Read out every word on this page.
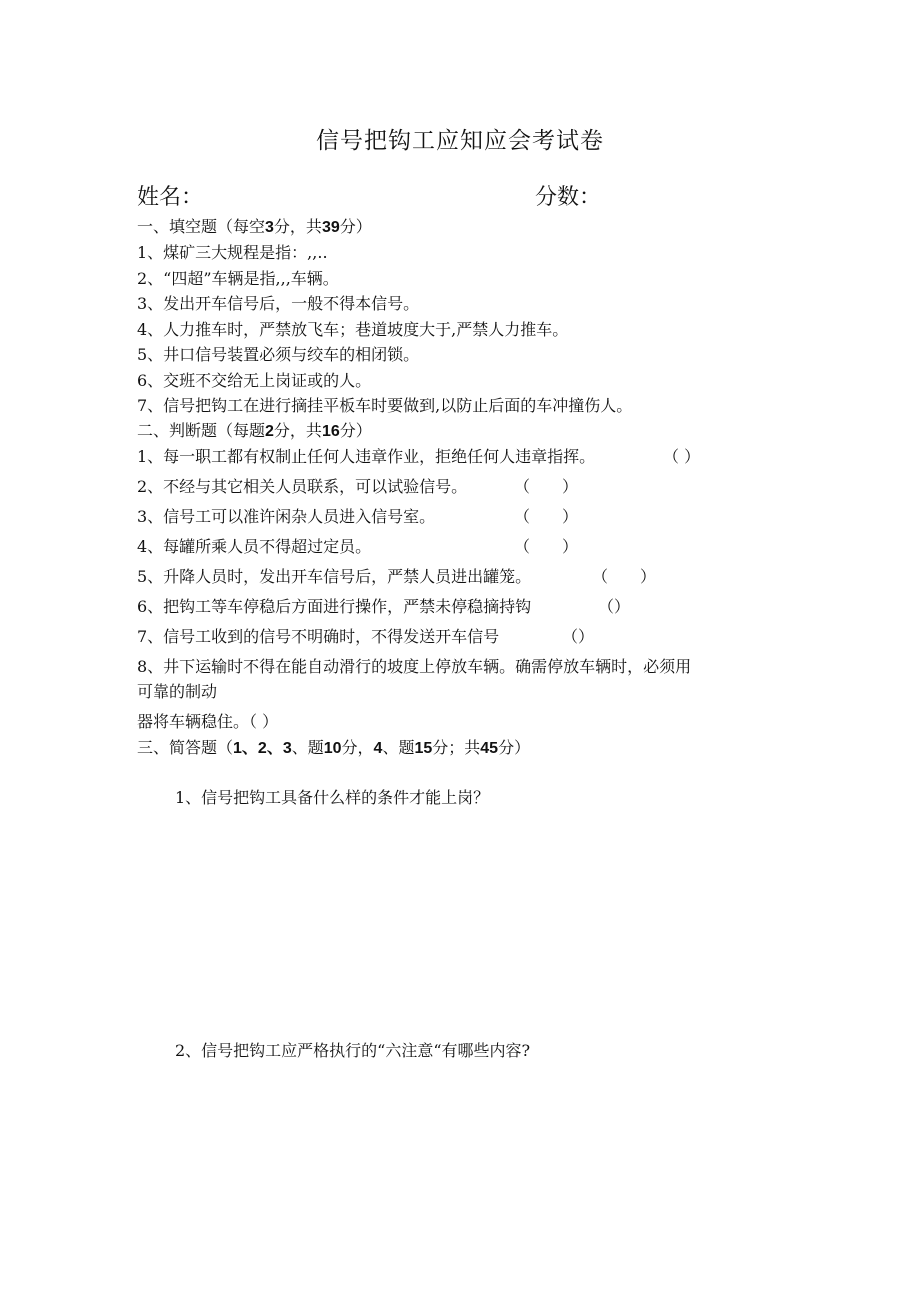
信号把钩工应知应会考试卷
姓名：	分数：
一、填空题（每空3分，共39分）
1、煤矿三大规程是指：,,..
2、“四超”车辆是指,,,车辆。
3、发出开车信号后，一般不得本信号。
4、人力推车时，严禁放飞车；巷道坡度大于,严禁人力推车。
5、井口信号装置必须与绞车的相闭锁。
6、交班不交给无上岗证或的人。
7、信号把钩工在进行摘挂平板车时要做到,以防止后面的车冲撞伤人。
二、判断题（每题2分，共16分）
1、每一职工都有权制止任何人违章作业，拒绝任何人违章指挥。	（ ）
2、不经与其它相关人员联系，可以试验信号。	（　　）
3、信号工可以准许闲杂人员进入信号室。	（　　）
4、每罐所乘人员不得超过定员。	（　　）
5、升降人员时，发出开车信号后，严禁人员进出罐笼。	（　　）
6、把钩工等车停稳后方面进行操作，严禁未停稳摘持钩	（）
7、信号工收到的信号不明确时，不得发送开车信号	（）
8、井下运输时不得在能自动滑行的坡度上停放车辆。确需停放车辆时，必须用
可靠的制动
器将车辆稳住。（ ）
三、简答题（1、2、3、题10分，4、题15分；共45分）
1、信号把钩工具备什么样的条件才能上岗？
2、信号把钩工应严格执行的“六注意“有哪些内容?
